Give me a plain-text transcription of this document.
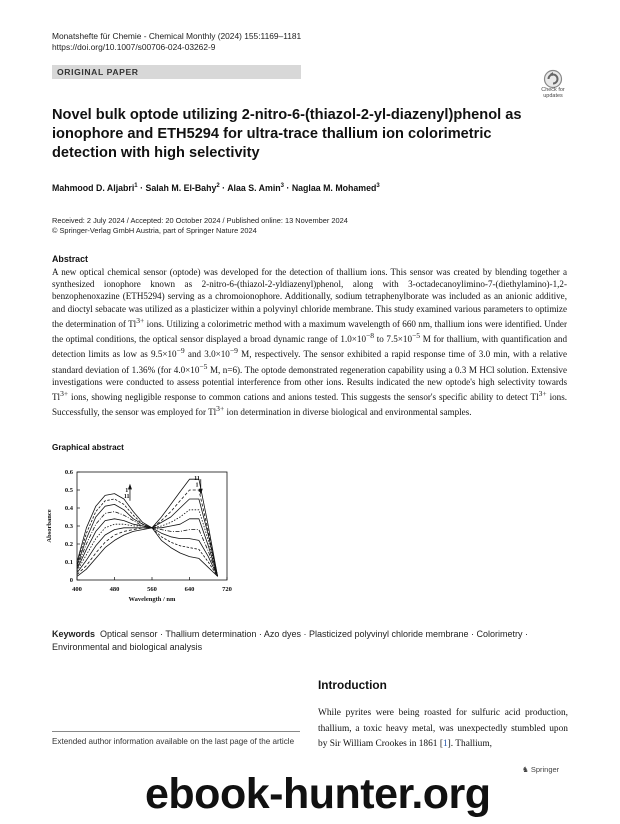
Monatshefte für Chemie - Chemical Monthly (2024) 155:1169–1181
https://doi.org/10.1007/s00706-024-03262-9
ORIGINAL PAPER
Check for
updates
Novel bulk optode utilizing 2-nitro-6-(thiazol-2-yl-diazenyl)phenol as ionophore and ETH5294 for ultra-trace thallium ion colorimetric detection with high selectivity
Mahmood D. Aljabri$^1$ · Salah M. El-Bahy$^2$ · Alaa S. Amin$^3$ · Naglaa M. Mohamed$^3$
Received: 2 July 2024 / Accepted: 20 October 2024 / Published online: 13 November 2024
© Springer-Verlag GmbH Austria, part of Springer Nature 2024
Abstract
A new optical chemical sensor (optode) was developed for the detection of thallium ions. This sensor was created by blending together a synthesized ionophore known as 2-nitro-6-(thiazol-2-yldiazenyl)phenol, along with 3-octadecanoylimino-7-(diethylamino)-1,2-benzophenoxazine (ETH5294) serving as a chromoionophore. Additionally, sodium tetraphenylborate was included as an anionic additive, and dioctyl sebacate was utilized as a plasticizer within a polyvinyl chloride membrane. This study examined various parameters to optimize the determination of $Tl^{3+}$ ions. Utilizing a colorimetric method with a maximum wavelength of 660 nm, thallium ions were identified. Under the optimal conditions, the optical sensor displayed a broad dynamic range of $1.0\times 10^{-8}$ to $7.5\times 10^{-5}$ M for thallium, with quantification and detection limits as low as $9.5\times 10^{-9}$ and $3.0\times 10^{-9}$ M, respectively. The sensor exhibited a rapid response time of 3.0 min, with a relative standard deviation of 1.36% (for $4.0\times 10^{-5}$ M, n=6). The optode demonstrated regeneration capability using a 0.3 M HCl solution. Extensive investigations were conducted to assess potential interference from other ions. Results indicated the new optode's high selectivity towards $Tl^{3+}$ ions, showing negligible response to common cations and anions tested. This suggests the sensor's specific ability to detect $Tl^{3+}$ ions. Successfully, the sensor was employed for $Tl^{3+}$ ion determination in diverse biological and environmental samples.
Graphical abstract
400	480	560	640	720
0
0.1
0.2
0.3
0.4
0.5
0.6
Wavelength / nm
Absorbance
1
11
11
1
Keywords Optical sensor · Thallium determination · Azo dyes · Plasticized polyvinyl chloride membrane · Colorimetry · Environmental and biological analysis
Introduction
While pyrites were being roasted for sulfuric acid production, thallium, a toxic heavy metal, was unexpectedly stumbled upon by Sir William Crookes in 1861 [1]. Thallium,
Extended author information available on the last page of the article
♞ Springer
ebook-hunter.org
